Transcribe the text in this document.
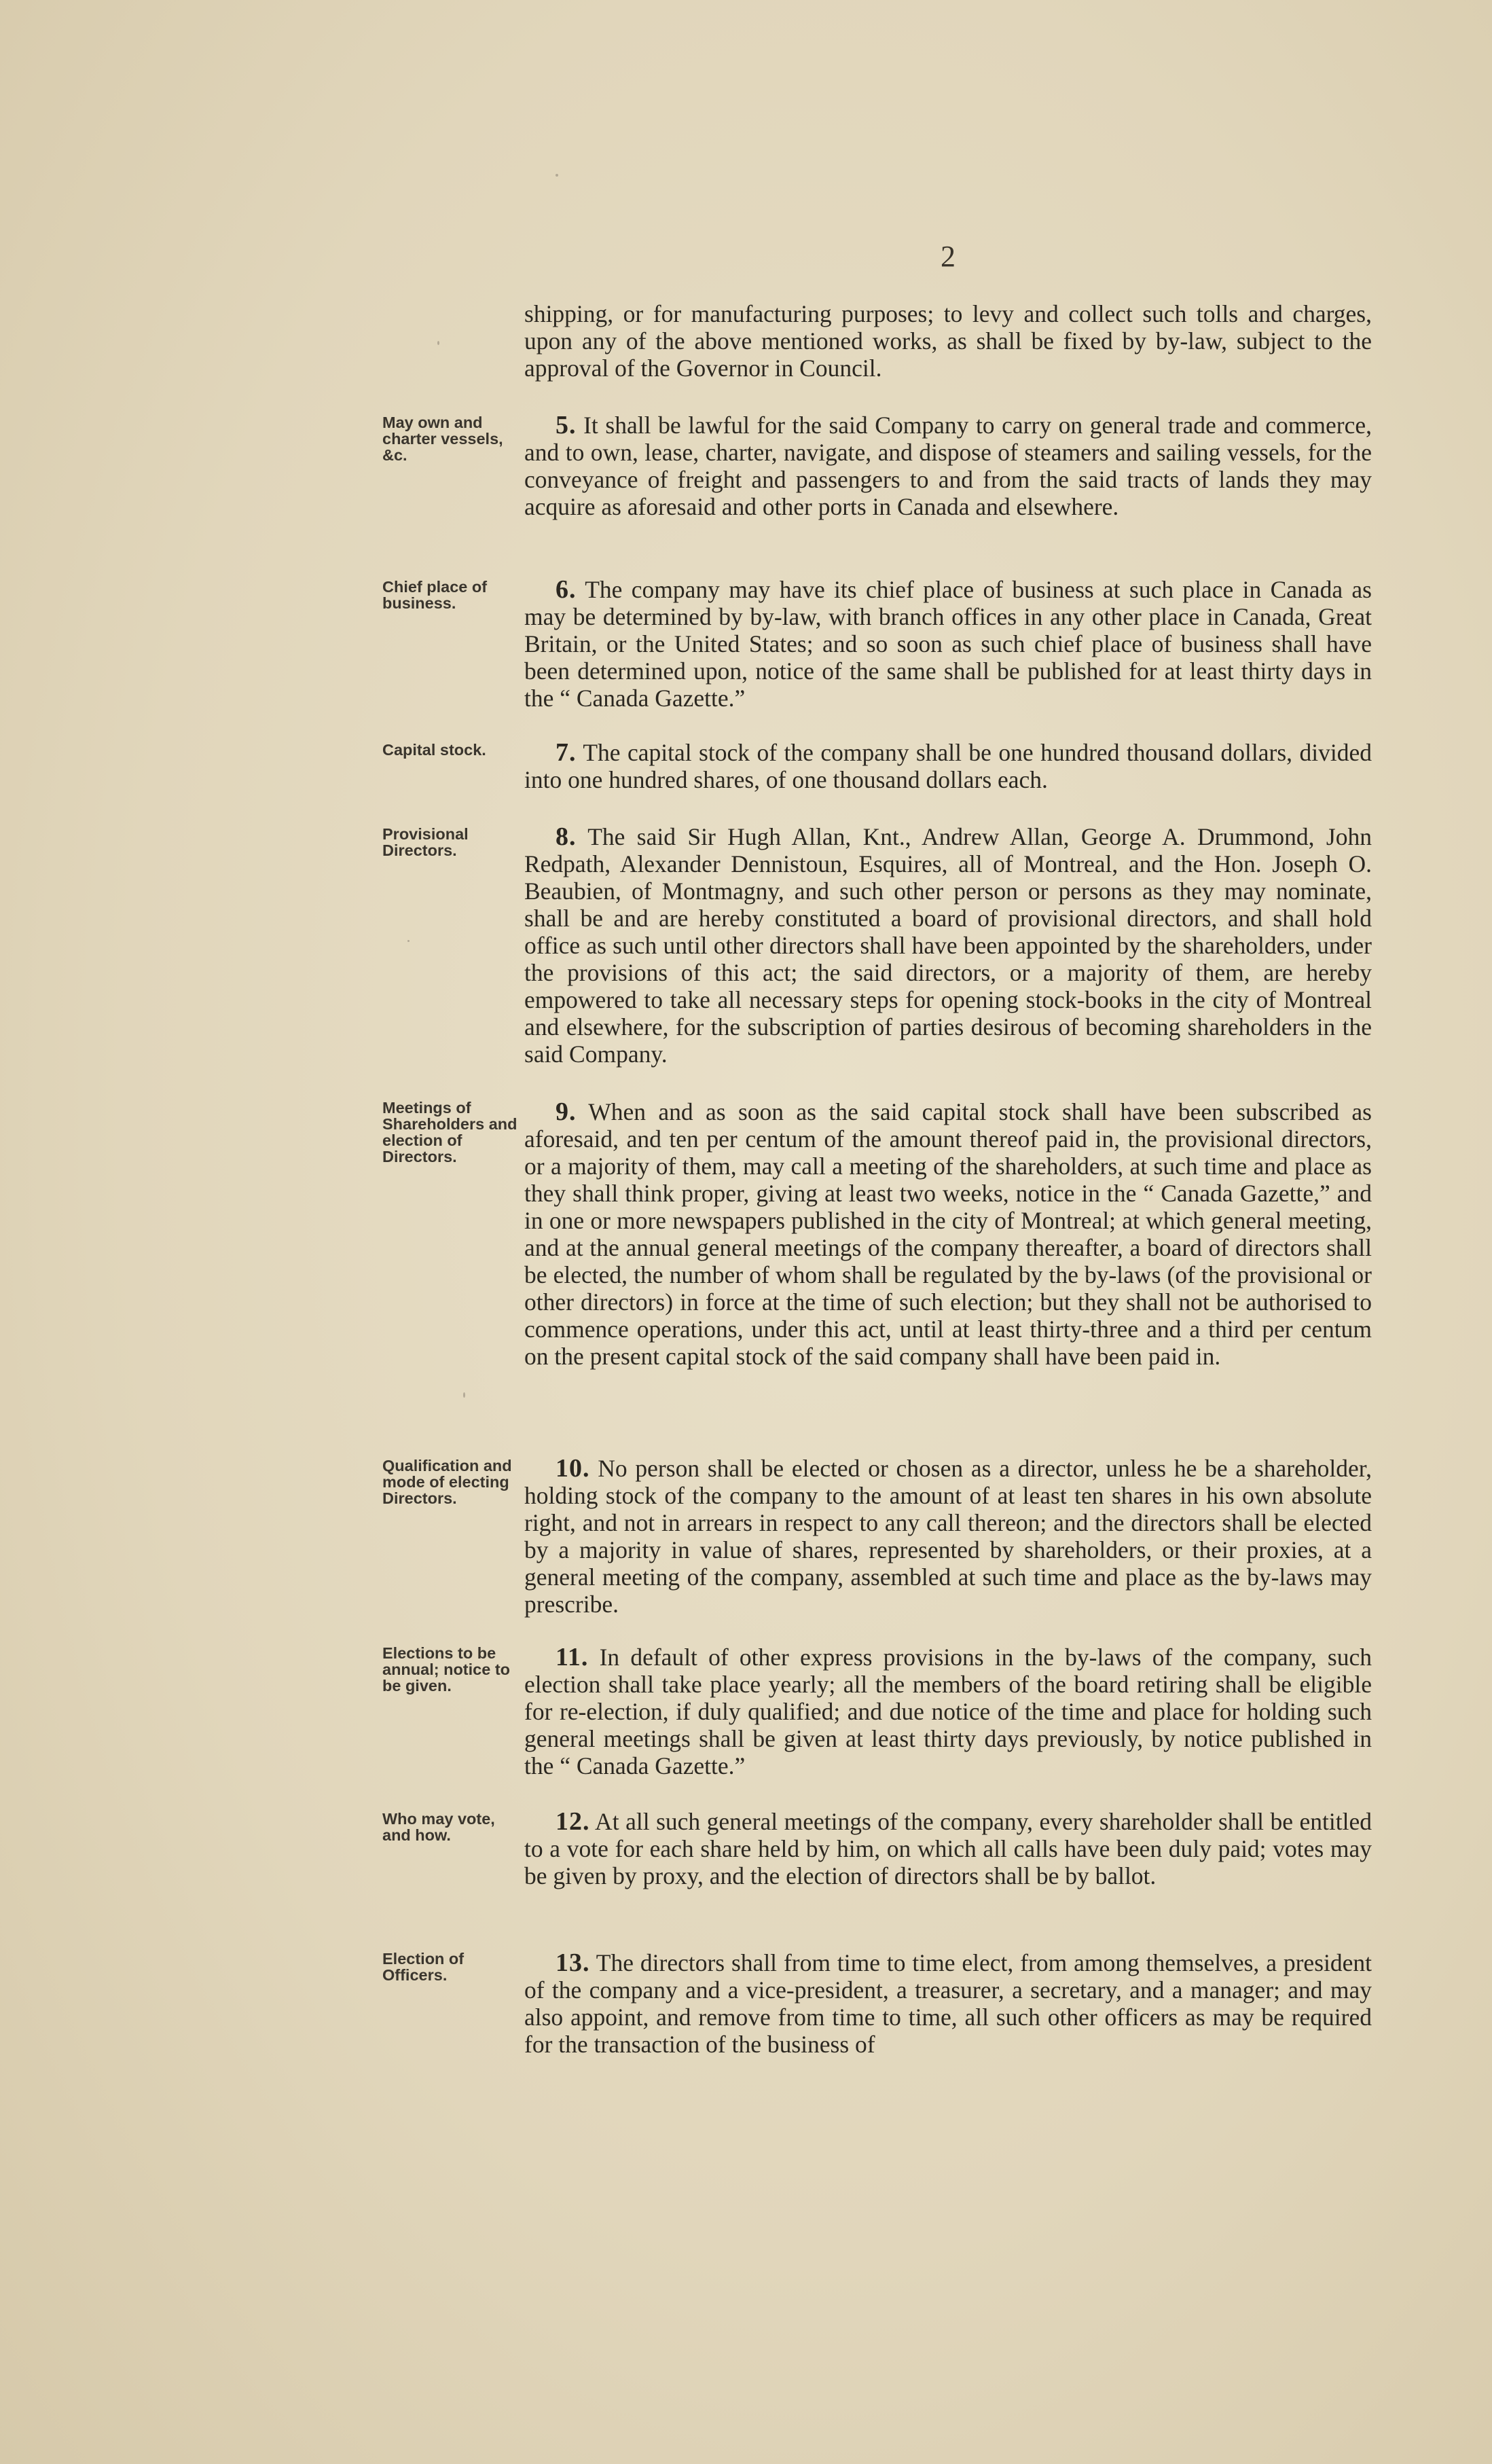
2

shipping, or for manufacturing purposes; to levy and collect such tolls and charges, upon any of the above mentioned works, as shall be fixed by by-law, subject to the approval of the Governor in Council.

May own and charter vessels, &c.

5. It shall be lawful for the said Company to carry on general trade and commerce, and to own, lease, charter, navigate, and dispose of steamers and sailing vessels, for the conveyance of freight and passengers to and from the said tracts of lands they may acquire as aforesaid and other ports in Canada and elsewhere.

Chief place of business.	6. The company may have its chief place of business at such place in Canada as may be determined by by-law, with branch offices in any other place in Canada, Great Britain, or the United States; and so soon as such chief place of business shall have been determined upon, notice of the same shall be published for at least thirty days in the “ Canada Gazette.”

Capital stock.	7. The capital stock of the company shall be one hundred thousand dollars, divided into one hundred shares, of one thousand dollars each.

Provisional Directors.	8. The said Sir Hugh Allan, Knt., Andrew Allan, George A. Drummond, John Redpath, Alexander Dennistoun, Esquires, all of Montreal, and the Hon. Joseph O. Beaubien, of Montmagny, and such other person or persons as they may nominate, shall be and are hereby constituted a board of provisional directors, and shall hold office as such until other directors shall have been appointed by the shareholders, under the provisions of this act; the said directors, or a majority of them, are hereby empowered to take all necessary steps for opening stock-books in the city of Montreal and elsewhere, for the subscription of parties desirous of becoming shareholders in the said Company.

Meetings of Shareholders and election of Directors.

9. When and as soon as the said capital stock shall have been subscribed as aforesaid, and ten per centum of the amount thereof paid in, the provisional directors, or a majority of them, may call a meeting of the shareholders, at such time and place as they shall think proper, giving at least two weeks, notice in the “ Canada Gazette,” and in one or more newspapers published in the city of Montreal; at which general meeting, and at the annual general meetings of the company thereafter, a board of directors shall be elected, the number of whom shall be regulated by the by-laws (of the provisional or other directors) in force at the time of such election; but they shall not be authorised to commence operations, under this act, until at least thirty-three and a third per centum on the present capital stock of the said company shall have been paid in.

Qualification and mode of electing Directors.

10. No person shall be elected or chosen as a director, unless he be a shareholder, holding stock of the company to the amount of at least ten shares in his own absolute right, and not in arrears in respect to any call thereon; and the directors shall be elected by a majority in value of shares, represented by shareholders, or their proxies, at a general meeting of the company, assembled at such time and place as the by-laws may prescribe.

Elections to be annual; notice to be given.

11. In default of other express provisions in the by-laws of the company, such election shall take place yearly; all the members of the board retiring shall be eligible for re-election, if duly qualified; and due notice of the time and place for holding such general meetings shall be given at least thirty days previously, by notice published in the “ Canada Gazette.”

Who may vote, and how.	12. At all such general meetings of the company, every shareholder shall be entitled to a vote for each share held by him, on which all calls have been duly paid; votes may be given by proxy, and the election of directors shall be by ballot.

Election of Officers.	13. The directors shall from time to time elect, from among themselves, a president of the company and a vice-president, a treasurer, a secretary, and a manager; and may also appoint, and remove from time to time, all such other officers as may be required for the transaction of the business of
